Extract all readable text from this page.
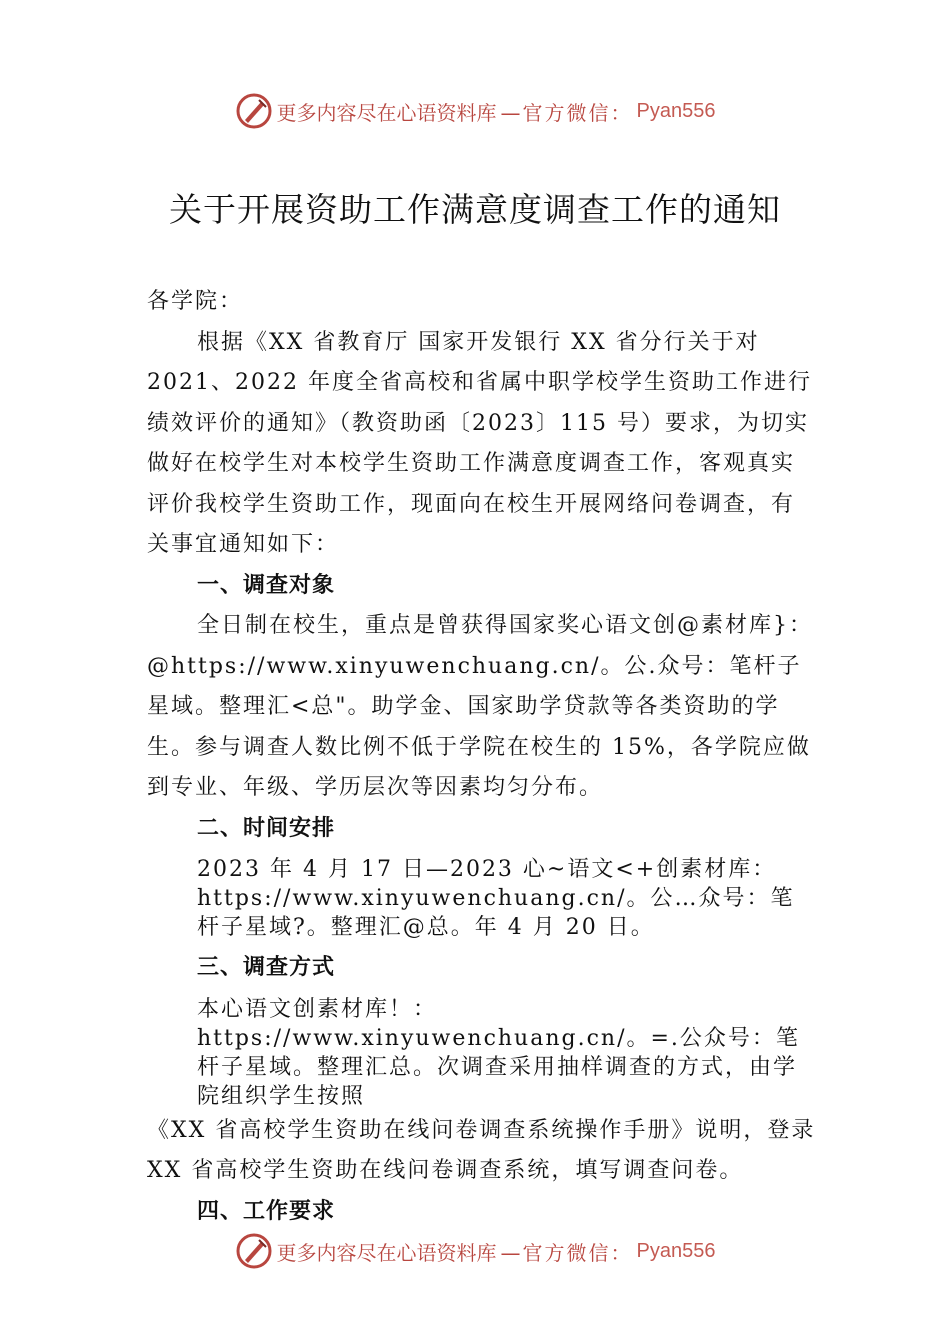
更多内容尽在心语资料库 —官方微信： Pyan556
关于开展资助工作满意度调查工作的通知

各学院：

根据《XX 省教育厅 国家开发银行 XX 省分行关于对 2021、2022 年度全省高校和省属中职学校学生资助工作进行绩效评价的通知》（教资助函〔2023〕115 号）要求，为切实做好在校学生对本校学生资助工作满意度调查工作，客观真实评价我校学生资助工作，现面向在校生开展网络问卷调查，有关事宜通知如下：

一、调查对象

全日制在校生，重点是曾获得国家奖心语文创@素材库}：@https://www.xinyuwenchuang.cn/。公.众号：笔杆子星域。整理汇<总"。助学金、国家助学贷款等各类资助的学生。参与调查人数比例不低于学院在校生的 15%，各学院应做到专业、年级、学历层次等因素均匀分布。

二、时间安排

2023 年 4 月 17 日—2023 心~语文<+创素材库：https://www.xinyuwenchuang.cn/。公…众号：笔杆子星域?。整理汇@总。年 4 月 20 日。

三、调查方式

本心语文创素材库！：https://www.xinyuwenchuang.cn/。=.公众号：笔杆子星域。整理汇总。次调查采用抽样调查的方式，由学院组织学生按照

《XX 省高校学生资助在线问卷调查系统操作手册》说明，登录 XX 省高校学生资助在线问卷调查系统，填写调查问卷。

四、工作要求

更多内容尽在心语资料库 —官方微信： Pyan556
